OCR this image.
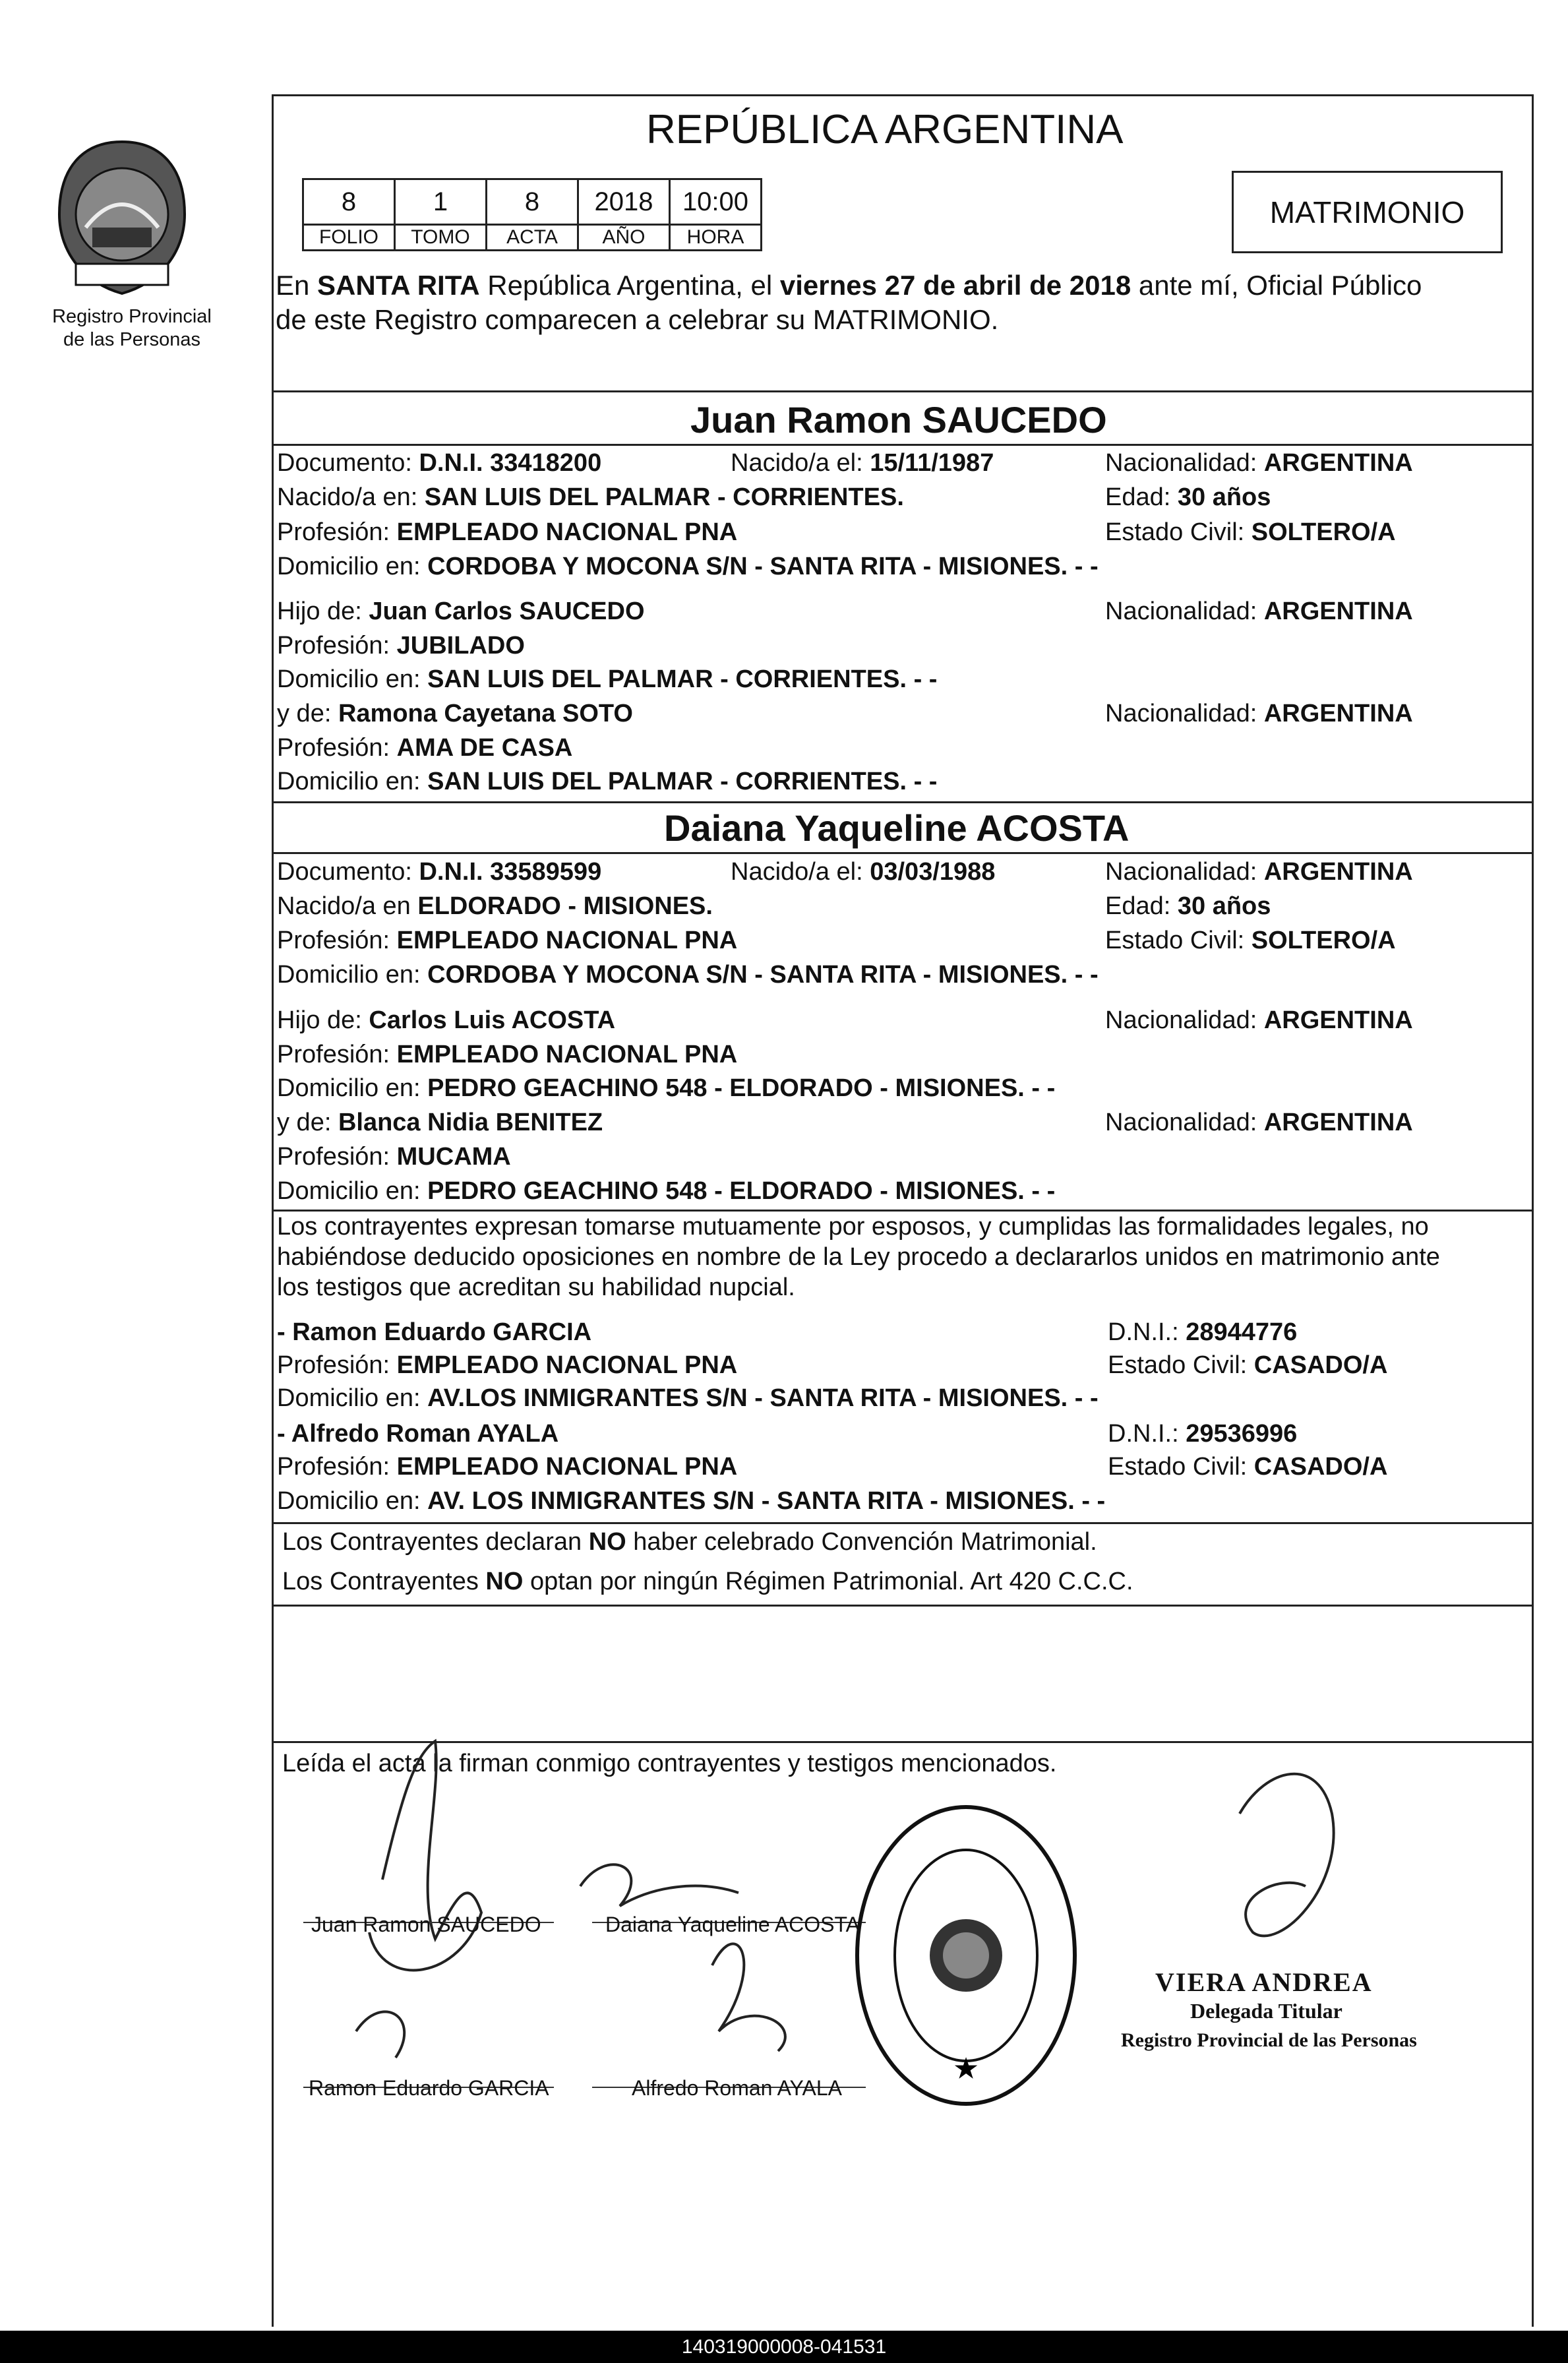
Registro Provincial
de las Personas
REPÚBLICA ARGENTINA
8	1	8	2018	10:00
FOLIO	TOMO	ACTA	AÑO	HORA
MATRIMONIO
En SANTA RITA República Argentina, el viernes 27 de abril de 2018 ante mí, Oficial Público
de este Registro comparecen a celebrar su MATRIMONIO.
Juan Ramon SAUCEDO
Documento: D.N.I. 33418200	Nacido/a el: 15/11/1987	Nacionalidad: ARGENTINA
Nacido/a en: SAN LUIS DEL PALMAR - CORRIENTES.	Edad: 30 años
Profesión: EMPLEADO NACIONAL PNA	Estado Civil: SOLTERO/A
Domicilio en: CORDOBA Y MOCONA S/N - SANTA RITA - MISIONES. - -
Hijo de: Juan Carlos SAUCEDO	Nacionalidad: ARGENTINA
Profesión: JUBILADO
Domicilio en: SAN LUIS DEL PALMAR - CORRIENTES. - -
y de: Ramona Cayetana SOTO	Nacionalidad: ARGENTINA
Profesión: AMA DE CASA
Domicilio en: SAN LUIS DEL PALMAR - CORRIENTES. - -
Daiana Yaqueline ACOSTA
Documento: D.N.I. 33589599	Nacido/a el: 03/03/1988	Nacionalidad: ARGENTINA
Nacido/a en ELDORADO - MISIONES.	Edad: 30 años
Profesión: EMPLEADO NACIONAL PNA	Estado Civil: SOLTERO/A
Domicilio en: CORDOBA Y MOCONA S/N - SANTA RITA - MISIONES. - -
Hijo de: Carlos Luis ACOSTA	Nacionalidad: ARGENTINA
Profesión: EMPLEADO NACIONAL PNA
Domicilio en: PEDRO GEACHINO 548 - ELDORADO - MISIONES. - -
y de: Blanca Nidia BENITEZ	Nacionalidad: ARGENTINA
Profesión: MUCAMA
Domicilio en: PEDRO GEACHINO 548 - ELDORADO - MISIONES. - -
Los contrayentes expresan tomarse mutuamente por esposos, y cumplidas las formalidades legales, no
habiéndose deducido oposiciones en nombre de la Ley procedo a declararlos unidos en matrimonio ante
los testigos que acreditan su habilidad nupcial.
- Ramon Eduardo GARCIA	D.N.I.: 28944776
Profesión: EMPLEADO NACIONAL PNA	Estado Civil: CASADO/A
Domicilio en: AV.LOS INMIGRANTES S/N - SANTA RITA - MISIONES. - -
- Alfredo Roman AYALA	D.N.I.: 29536996
Profesión: EMPLEADO NACIONAL PNA	Estado Civil: CASADO/A
Domicilio en: AV. LOS INMIGRANTES S/N - SANTA RITA - MISIONES. - -
Los Contrayentes declaran NO haber celebrado Convención Matrimonial.
Los Contrayentes NO optan por ningún Régimen Patrimonial. Art 420 C.C.C.
Leída el acta la firman conmigo contrayentes y testigos mencionados.
Juan Ramon SAUCEDO	Daiana Yaqueline ACOSTA
Ramon Eduardo GARCIA	Alfredo Roman AYALA
★
VIERA ANDREA
Delegada Titular
Registro Provincial de las Personas
140319000008-041531
